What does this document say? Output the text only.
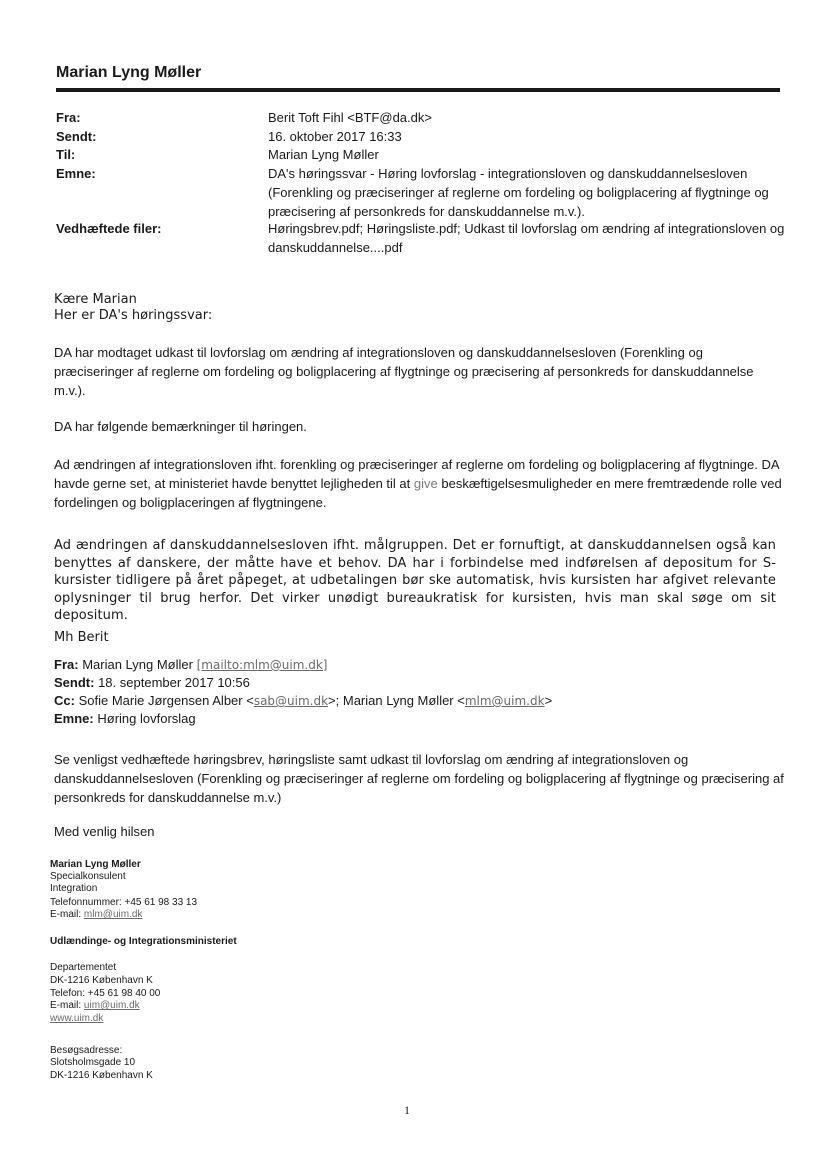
Marian Lyng Møller
Fra:	Berit Toft Fihl <BTF@da.dk>
Sendt:	16. oktober 2017 16:33
Til:	Marian Lyng Møller
Emne:	DA's høringssvar - Høring lovforslag - integrationsloven og danskuddannelsesloven (Forenkling og præciseringer af reglerne om fordeling og boligplacering af flygtninge og præcisering af personkreds for danskuddannelse m.v.).
Vedhæftede filer:	Høringsbrev.pdf; Høringsliste.pdf; Udkast til lovforslag om ændring af integrationsloven og danskuddannelse....pdf
Kære Marian
Her er DA's høringssvar:
DA har modtaget udkast til lovforslag om ændring af integrationsloven og danskuddannelsesloven (Forenkling og præciseringer af reglerne om fordeling og boligplacering af flygtninge og præcisering af personkreds for danskuddannelse m.v.).
DA har følgende bemærkninger til høringen.
Ad ændringen af integrationsloven ifht. forenkling og præciseringer af reglerne om fordeling og boligplacering af flygtninge. DA havde gerne set, at ministeriet havde benyttet lejligheden til at give beskæftigelsesmuligheder en mere fremtrædende rolle ved fordelingen og boligplaceringen af flygtningene.
Ad ændringen af danskuddannelsesloven ifht. målgruppen. Det er fornuftigt, at danskuddannelsen også kan benyttes af danskere, der måtte have et behov. DA har i forbindelse med indførelsen af depositum for S-kursister tidligere på året påpeget, at udbetalingen bør ske automatisk, hvis kursisten har afgivet relevante oplysninger til brug herfor. Det virker unødigt bureaukratisk for kursisten, hvis man skal søge om sit depositum.
Mh Berit
Fra: Marian Lyng Møller [mailto:mlm@uim.dk]
Sendt: 18. september 2017 10:56
Cc: Sofie Marie Jørgensen Alber <sab@uim.dk>; Marian Lyng Møller <mlm@uim.dk>
Emne: Høring lovforslag
Se venligst vedhæftede høringsbrev, høringsliste samt udkast til lovforslag om ændring af integrationsloven og danskuddannelsesloven (Forenkling og præciseringer af reglerne om fordeling og boligplacering af flygtninge og præcisering af personkreds for danskuddannelse m.v.)
Med venlig hilsen
Marian Lyng Møller
Specialkonsulent
Integration
Telefonnummer: +45 61 98 33 13
E-mail: mlm@uim.dk
Udlændinge- og Integrationsministeriet
Departementet
DK-1216 København K
Telefon: +45 61 98 40 00
E-mail: uim@uim.dk
www.uim.dk
Besøgsadresse:
Slotsholmsgade 10
DK-1216 København K
1
